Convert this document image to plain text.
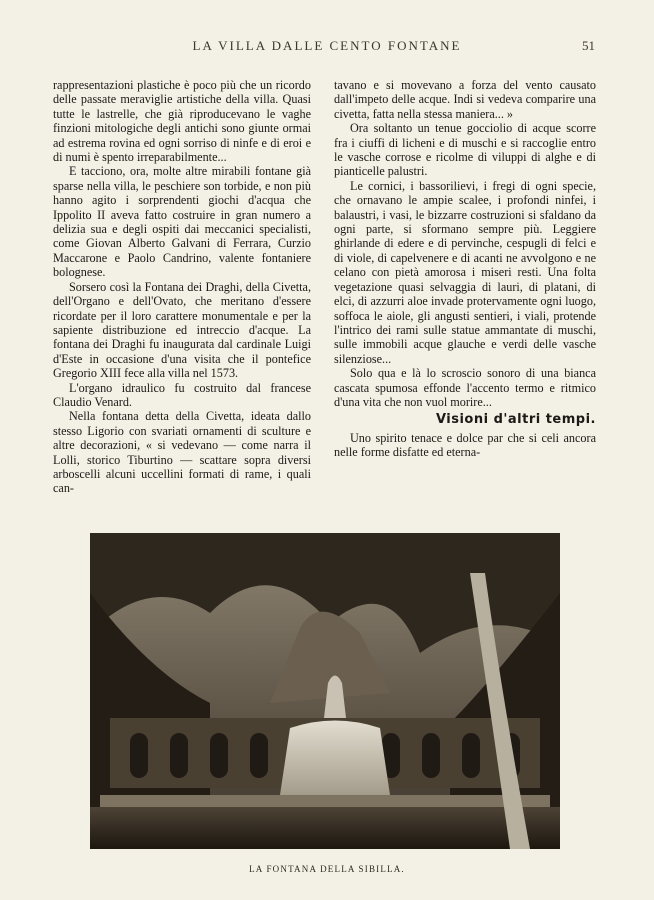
LA VILLA DALLE CENTO FONTANE	51

rappresentazioni plastiche è poco più che un ricordo delle passate meraviglie artistiche della villa. Quasi tutte le lastrelle, che già riproducevano le vaghe finzioni mitologiche degli antichi sono giunte ormai ad estrema rovina ed ogni sorriso di ninfe e di eroi e di numi è spento irreparabilmente...

E tacciono, ora, molte altre mirabili fontane già sparse nella villa, le peschiere son torbide, e non più hanno agito i sorprendenti giochi d'acqua che Ippolito II aveva fatto costruire in gran numero a delizia sua e degli ospiti dai meccanici specialisti, come Giovan Alberto Galvani di Ferrara, Curzio Maccarone e Paolo Candrino, valente fontaniere bolognese.

Sorsero così la Fontana dei Draghi, della Civetta, dell'Organo e dell'Ovato, che meritano d'essere ricordate per il loro carattere monumentale e per la sapiente distribuzione ed intreccio d'acque. La fontana dei Draghi fu inaugurata dal cardinale Luigi d'Este in occasione d'una visita che il pontefice Gregorio XIII fece alla villa nel 1573.

L'organo idraulico fu costruito dal francese Claudio Venard.

Nella fontana detta della Civetta, ideata dallo stesso Ligorio con svariati ornamenti di sculture e altre decorazioni, « si vedevano — come narra il Lolli, storico Tiburtino — scattare sopra diversi arboscelli alcuni uccellini formati di rame, i quali can-

tavano e si movevano a forza del vento causato dall'impeto delle acque. Indi si vedeva comparire una civetta, fatta nella stessa maniera... »

Ora soltanto un tenue gocciolio di acque scorre fra i ciuffi di licheni e di muschi e si raccoglie entro le vasche corrose e ricolme di viluppi di alghe e di pianticelle palustri.

Le cornici, i bassorilievi, i fregi di ogni specie, che ornavano le ampie scalee, i profondi ninfei, i balaustri, i vasi, le bizzarre costruzioni si sfaldano da ogni parte, si sformano sempre più. Leggiere ghirlande di edere e di pervinche, cespugli di felci e di viole, di capelvenere e di acanti ne avvolgono e ne celano con pietà amorosa i miseri resti. Una folta vegetazione quasi selvaggia di lauri, di platani, di elci, di azzurri aloe invade protervamente ogni luogo, soffoca le aiole, gli angusti sentieri, i viali, protende l'intrico dei rami sulle statue ammantate di muschi, sulle immobili acque glauche e verdi delle vasche silenziose...

Solo qua e là lo scroscio sonoro di una bianca cascata spumosa effonde l'accento termo e ritmico d'una vita che non vuol morire...

Visioni d'altri tempi.

Uno spirito tenace e dolce par che si celi ancora nelle forme disfatte ed eterna-

LA FONTANA DELLA SIBILLA.
